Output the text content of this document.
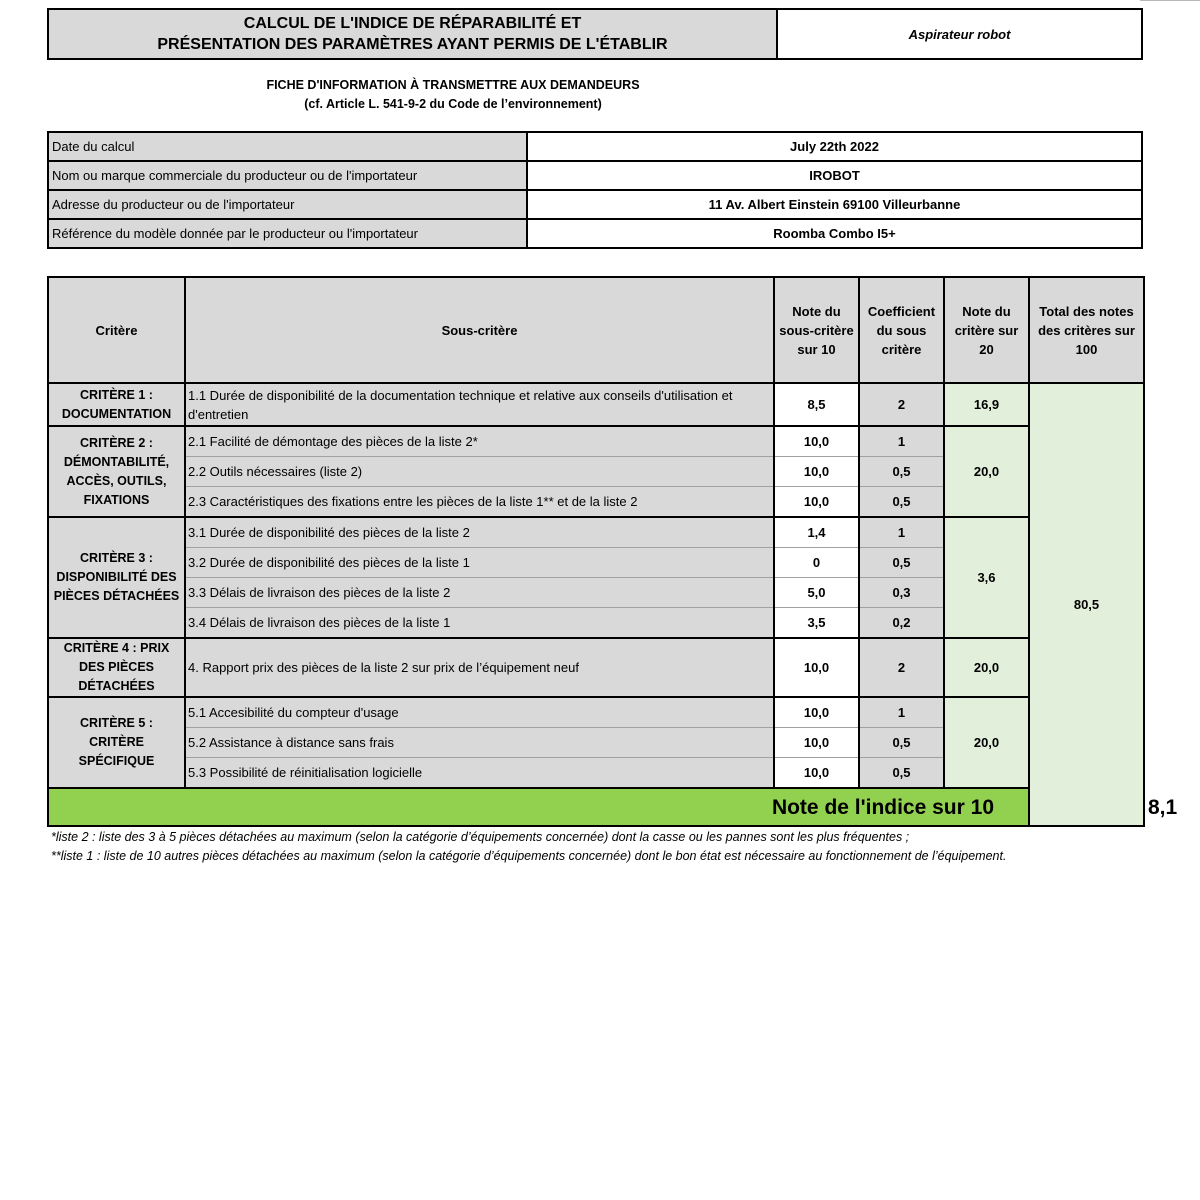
CALCUL DE L'INDICE DE RÉPARABILITÉ ET
PRÉSENTATION DES PARAMÈTRES AYANT PERMIS DE L'ÉTABLIR
Aspirateur robot
FICHE D'INFORMATION À TRANSMETTRE AUX DEMANDEURS
(cf. Article L. 541-9-2 du Code de l’environnement)
Date du calcul	July 22th 2022
Nom ou marque commerciale du producteur ou de l'importateur	IROBOT
Adresse du producteur ou de l'importateur	11 Av. Albert Einstein 69100 Villeurbanne
Référence du modèle donnée par le producteur ou l'importateur	Roomba Combo I5+
Critère	Sous-critère	Note du sous-critère sur 10	Coefficient du sous critère	Note du critère sur 20	Total des notes des critères sur 100	
CRITÈRE 1 : DOCUMENTATION	1.1 Durée de disponibilité de la documentation technique et relative aux conseils d'utilisation et d'entretien	8,5	2	16,9	80,5	
CRITÈRE 2 : DÉMONTABILITÉ, ACCÈS, OUTILS, FIXATIONS	2.1 Facilité de démontage des pièces de la liste 2*	10,0	1	20,0		
	2.2 Outils nécessaires (liste 2)	10,0	0,5			
	2.3 Caractéristiques des fixations entre les pièces de la liste 1** et de la liste 2	10,0	0,5			
CRITÈRE 3 : DISPONIBILITÉ DES PIÈCES DÉTACHÉES	3.1 Durée de disponibilité des pièces de la liste 2	1,4	1	3,6		
	3.2 Durée de disponibilité des pièces de la liste 1	0	0,5			
	3.3 Délais de livraison des pièces de la liste 2	5,0	0,3			
	3.4 Délais de livraison des pièces de la liste 1	3,5	0,2			
CRITÈRE 4 : PRIX DES PIÈCES DÉTACHÉES	4. Rapport prix des pièces de la liste 2 sur prix de l’équipement neuf	10,0	2	20,0		
CRITÈRE 5 : CRITÈRE SPÉCIFIQUE	5.1 Accesibilité du compteur d'usage	10,0	1	20,0		
	5.2 Assistance à distance sans frais	10,0	0,5			
	5.3 Possibilité de réinitialisation logicielle	10,0	0,5			
Note de l'indice sur 10						8,1
*liste 2 : liste des 3 à 5 pièces détachées au maximum (selon la catégorie d’équipements concernée) dont la casse ou les pannes sont les plus fréquentes ;
**liste 1 : liste de 10 autres pièces détachées au maximum (selon la catégorie d’équipements concernée) dont le bon état est nécessaire au fonctionnement de l’équipement.
